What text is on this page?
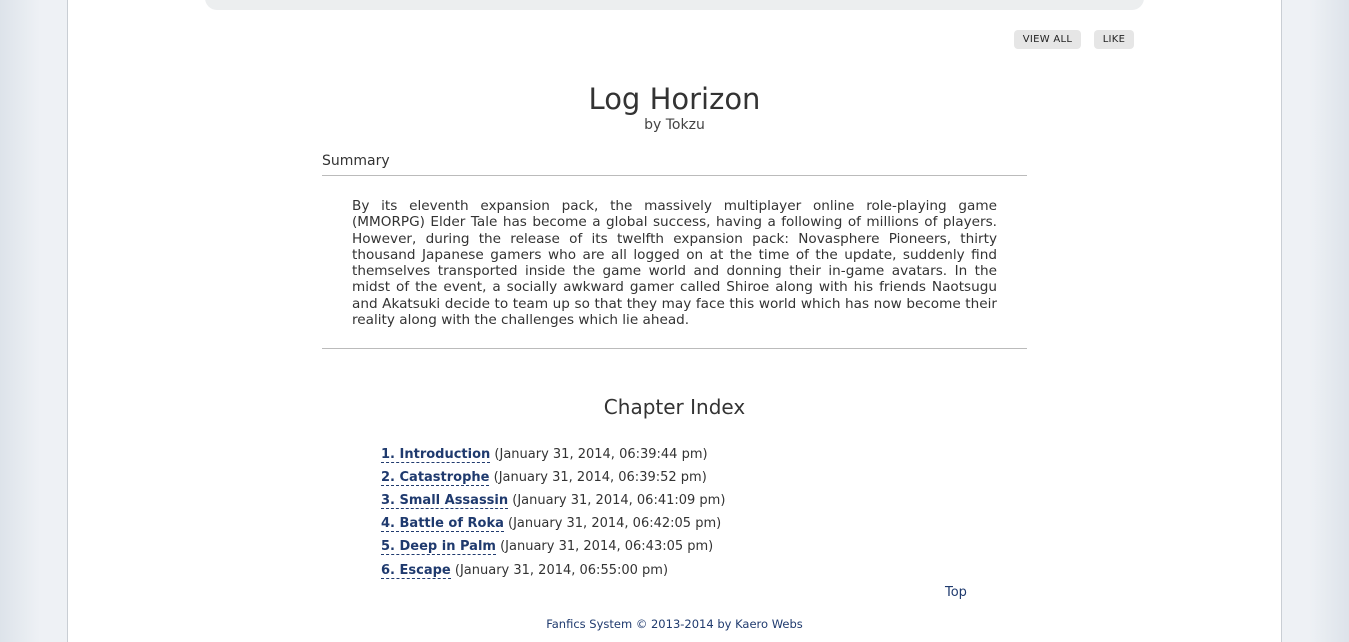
VIEW ALL	LIKE
Log Horizon
by Tokzu
Summary
By its eleventh expansion pack, the massively multiplayer online role-playing game (MMORPG) Elder Tale has become a global success, having a following of millions of players. However, during the release of its twelfth expansion pack: Novasphere Pioneers, thirty thousand Japanese gamers who are all logged on at the time of the update, suddenly find themselves transported inside the game world and donning their in-game avatars. In the midst of the event, a socially awkward gamer called Shiroe along with his friends Naotsugu and Akatsuki decide to team up so that they may face this world which has now become their reality along with the challenges which lie ahead.
Chapter Index
1. Introduction (January 31, 2014, 06:39:44 pm)
2. Catastrophe (January 31, 2014, 06:39:52 pm)
3. Small Assassin (January 31, 2014, 06:41:09 pm)
4. Battle of Roka (January 31, 2014, 06:42:05 pm)
5. Deep in Palm (January 31, 2014, 06:43:05 pm)
6. Escape (January 31, 2014, 06:55:00 pm)
Top
Fanfics System © 2013-2014 by Kaero Webs
